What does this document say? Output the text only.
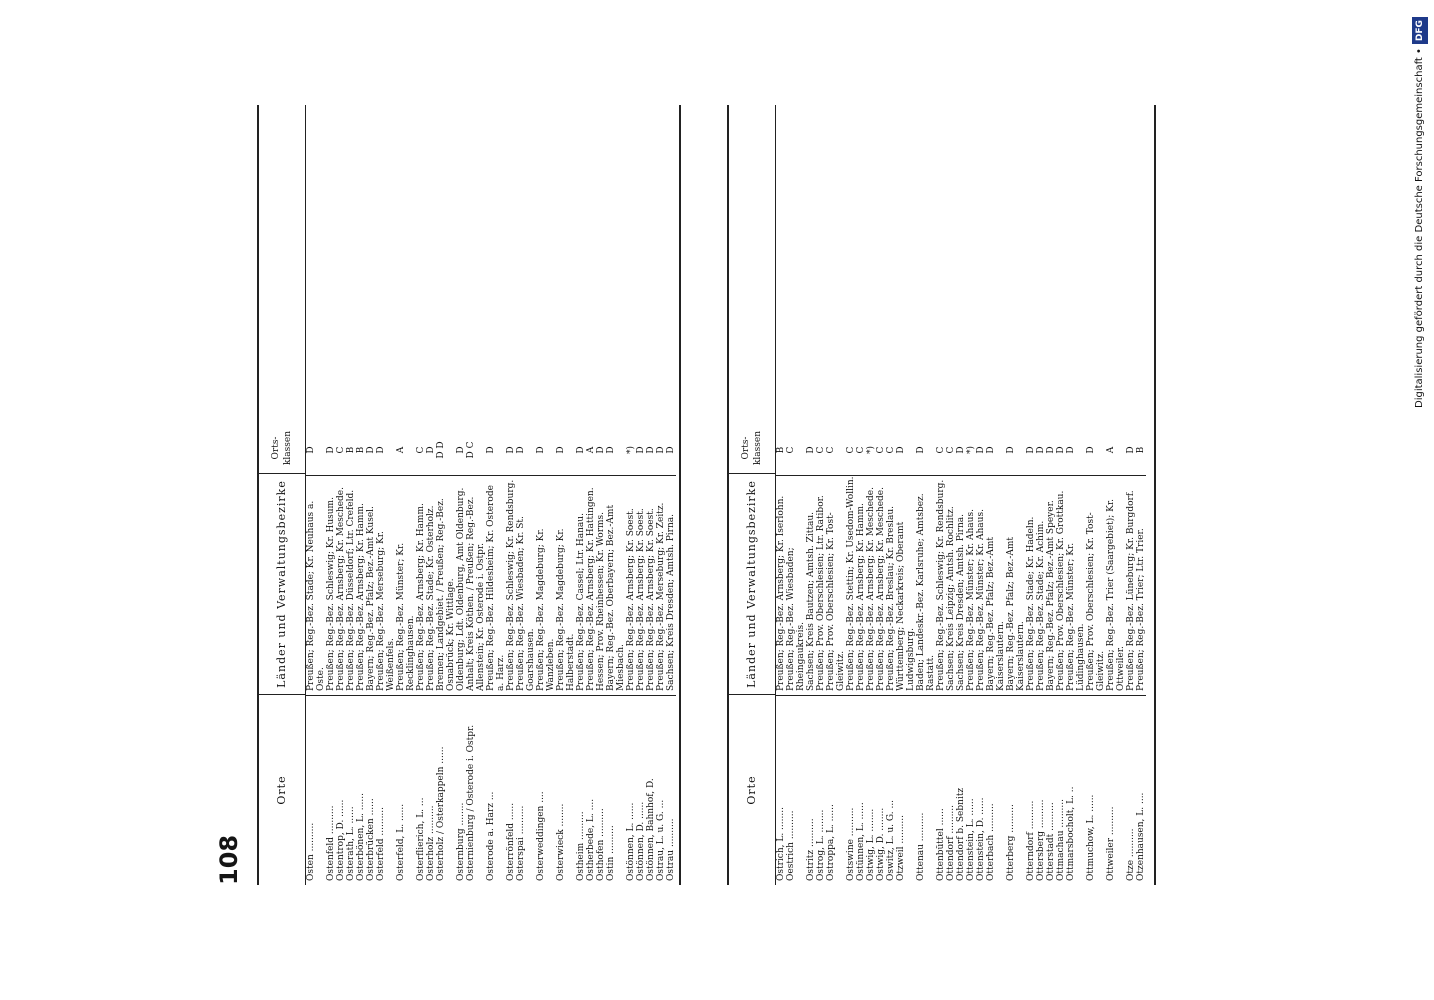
108
Orte
Länder und Verwaltungsbezirke
Orts-klassen
Osten ..........
Preußen; Reg.-Bez. Stade; Kr. Neuhaus a. Oste.
D
Ostenfeld ..........
Preußen; Reg.-Bez. Schleswig; Kr. Husum.
D
Ostentrop, D. ......
Preußen; Reg.-Bez. Arnsberg; Kr. Meschede.
C
Osterath, L. ......
Preußen; Reg.-Bez. Düsseldorf; Ltr. Crefeld.
B
Osterbönen, L. ......
Preußen; Reg.-Bez. Arnsberg; Kr. Hamm.
B
Osterbrücken ......
Bayern; Reg.-Bez. Pfalz; Bez.-Amt Kusel.
D
Osterfeld ..........
Preußen; Reg.-Bez. Merseburg; Kr. Weißenfels.
D
Osterfeld, L. ......
Preußen; Reg.-Bez. Münster; Kr. Recklinghausen.
A
Osterflierich, L. ...
Preußen; Reg.-Bez. Arnsberg; Kr. Hamm.
C
Osterholz ..........
Preußen; Reg.-Bez. Stade; Kr. Osterholz.
D
Osterholz / Osterkappeln ......
Bremen; Landgebiet. / Preußen; Reg.-Bez. Osnabrück; Kr. Wittlage.
D D
Osternburg ........
Oldenburg; Ldt. Oldenburg, Amt Oldenburg.
D
Osternienburg / Osterode i. Ostpr.
Anhalt; Kreis Köthen. / Preußen; Reg.-Bez. Allenstein; Kr. Osterode i. Ostpr.
D C
Osterode a. Harz ...
Preußen; Reg.-Bez. Hildesheim; Kr. Osterode a. Harz.
D
Osterrönfeld ......
Preußen; Reg.-Bez. Schleswig; Kr. Rendsburg.
D
Osterspai ..........
Preußen; Reg.-Bez. Wiesbaden; Kr. St. Goarshausen.
D
Osterweddingen ....
Preußen; Reg.-Bez. Magdeburg; Kr. Wanzleben.
D
Osterwieck ........
Preußen; Reg.-Bez. Magdeburg; Kr. Halberstadt.
D
Ostheim ..........
Preußen; Reg.-Bez. Cassel; Ltr. Hanau.
D
Ostherbede, L. ....
Preußen; Reg.-Bez. Arnsberg; Kr. Hattingen.
A
Osthofen ..........
Hessen; Prov. Rheinhessen; Kr. Worms.
D
Ostin ..........
Bayern; Reg.-Bez. Oberbayern; Bez.-Amt Miesbach.
D
Ostönnen, L. ......
Preußen; Reg.-Bez. Arnsberg; Kr. Soest.
*)
Ostönnen, D. ......
Preußen; Reg.-Bez. Arnsberg; Kr. Soest.
D
Ostönnen, Bahnhof, D.
Preußen; Reg.-Bez. Arnsberg; Kr. Soest.
D
Ostrau, L. u. G. ...
Preußen; Reg.-Bez. Merseburg; Kr. Zeitz.
D
Ostrau ..........
Sachsen; Kreis Dresden; Amtsh. Pirna.
D
Orte
Länder und Verwaltungsbezirke
Orts-klassen
Östrich, L. ........
Preußen; Reg.-Bez. Arnsberg; Kr. Iserlohn.
B
Oestrich ..........
Preußen; Reg.-Bez. Wiesbaden; Rheingaukreis.
C
Ostritz ..........
Sachsen; Kreis Bautzen; Amtsh. Zittau.
D
Ostrog, L. ........
Preußen; Prov. Oberschlesien; Ltr. Ratibor.
C
Ostroppa, L. ......
Preußen; Prov. Oberschlesien; Kr. Tost-Gleiwitz.
C
Ostswine ..........
Preußen; Reg.-Bez. Stettin; Kr. Usedom-Wollin.
C
Ostünnen, L. ......
Preußen; Reg.-Bez. Arnsberg; Kr. Hamm.
C
Ostwig, L. ........
Preußen; Reg.-Bez. Arnsberg; Kr. Meschede.
*)
Ostwig, D. ........
Preußen; Reg.-Bez. Arnsberg; Kr. Meschede.
C
Oswitz, L. u. G. ...
Preußen; Reg.-Bez. Breslau; Kr. Breslau.
C
Otzweil ..........
Württemberg; Neckarkreis; Oberamt Ludwigsburg.
D
Ottenau ..........
Baden; Landeskr.-Bez. Karlsruhe; Amtsbez. Rastatt.
D
Ottenbüttel ......
Preußen; Reg.-Bez. Schleswig; Kr. Rendsburg.
C
Ottendorf ..........
Sachsen; Kreis Leipzig; Amtsh. Rochlitz.
C
Ottendorf b. Sebnitz
Sachsen; Kreis Dresden; Amtsh. Pirna.
D
Ottenstein, L. ......
Preußen; Reg.-Bez. Münster; Kr. Ahaus.
*)
Ottenstein, D. ......
Preußen; Reg.-Bez. Münster; Kr. Ahaus.
D
Otterbach ..........
Bayern; Reg.-Bez. Pfalz; Bez.-Amt Kaiserslautern.
D
Otterberg ..........
Bayern; Reg.-Bez. Pfalz; Bez.-Amt Kaiserslautern.
D
Otterndorf ..........
Preußen; Reg.-Bez. Stade; Kr. Hadeln.
D
Ottersberg ..........
Preußen; Reg.-Bez. Stade; Kr. Achim.
D
Otterstadt ..........
Bayern; Reg.-Bez. Pfalz; Bez.-Amt Speyer.
D
Ottmachau ..........
Preußen; Prov. Oberschlesien; Kr. Grottkau.
D
Ottmarsbocholt, L. ..
Preußen; Reg.-Bez. Münster; Kr. Lüdinghausen.
D
Ottmuchow, L. ......
Preußen; Prov. Oberschlesien; Kr. Tost-Gleiwitz.
D
Ottweiler ..........
Preußen; Reg.-Bez. Trier (Saargebiet); Kr. Ottweiler.
A
Otze ..........
Preußen; Reg.-Bez. Lüneburg; Kr. Burgdorf.
D
Otzenhausen, L. ....
Preußen; Reg.-Bez. Trier; Ltr. Trier.
B
Digitalisierung gefördert durch die Deutsche Forschungsgemeinschaft •DFG
